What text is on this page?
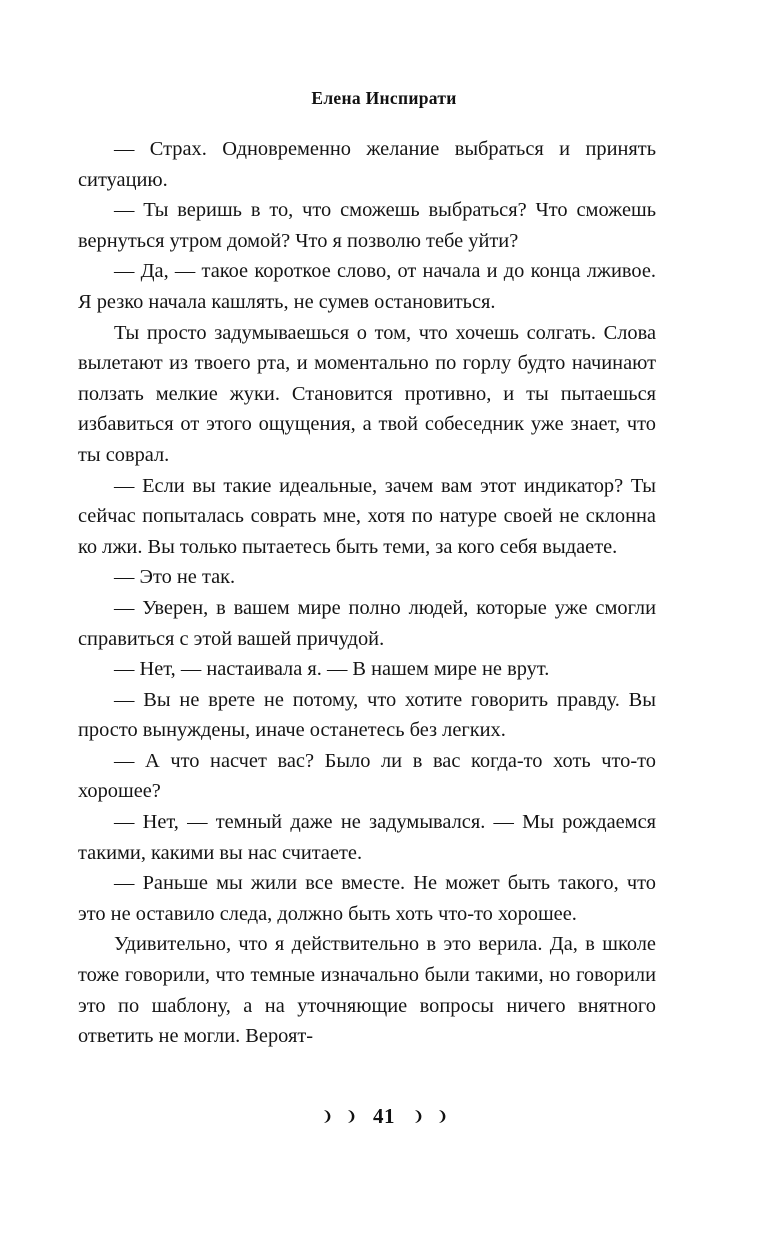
Елена Инспирати

— Страх. Одновременно желание выбраться и принять ситуацию.

— Ты веришь в то, что сможешь выбраться? Что сможешь вернуться утром домой? Что я позволю тебе уйти?

— Да, — такое короткое слово, от начала и до конца лживое. Я резко начала кашлять, не сумев остановиться.

Ты просто задумываешься о том, что хочешь солгать. Слова вылетают из твоего рта, и моментально по горлу будто начинают ползать мелкие жуки. Становится противно, и ты пытаешься избавиться от этого ощущения, а твой собеседник уже знает, что ты соврал.

— Если вы такие идеальные, зачем вам этот индикатор? Ты сейчас попыталась соврать мне, хотя по натуре своей не склонна ко лжи. Вы только пытаетесь быть теми, за кого себя выдаете.

— Это не так.

— Уверен, в вашем мире полно людей, которые уже смогли справиться с этой вашей причудой.

— Нет, — настаивала я. — В нашем мире не врут.

— Вы не врете не потому, что хотите говорить правду. Вы просто вынуждены, иначе останетесь без легких.

— А что насчет вас? Было ли в вас когда-то хоть что-то хорошее?

— Нет, — темный даже не задумывался. — Мы рождаемся такими, какими вы нас считаете.

— Раньше мы жили все вместе. Не может быть такого, что это не оставило следа, должно быть хоть что-то хорошее.

Удивительно, что я действительно в это верила. Да, в школе тоже говорили, что темные изначально были такими, но говорили это по шаблону, а на уточняющие вопросы ничего внятного ответить не могли. Вероят-

41
